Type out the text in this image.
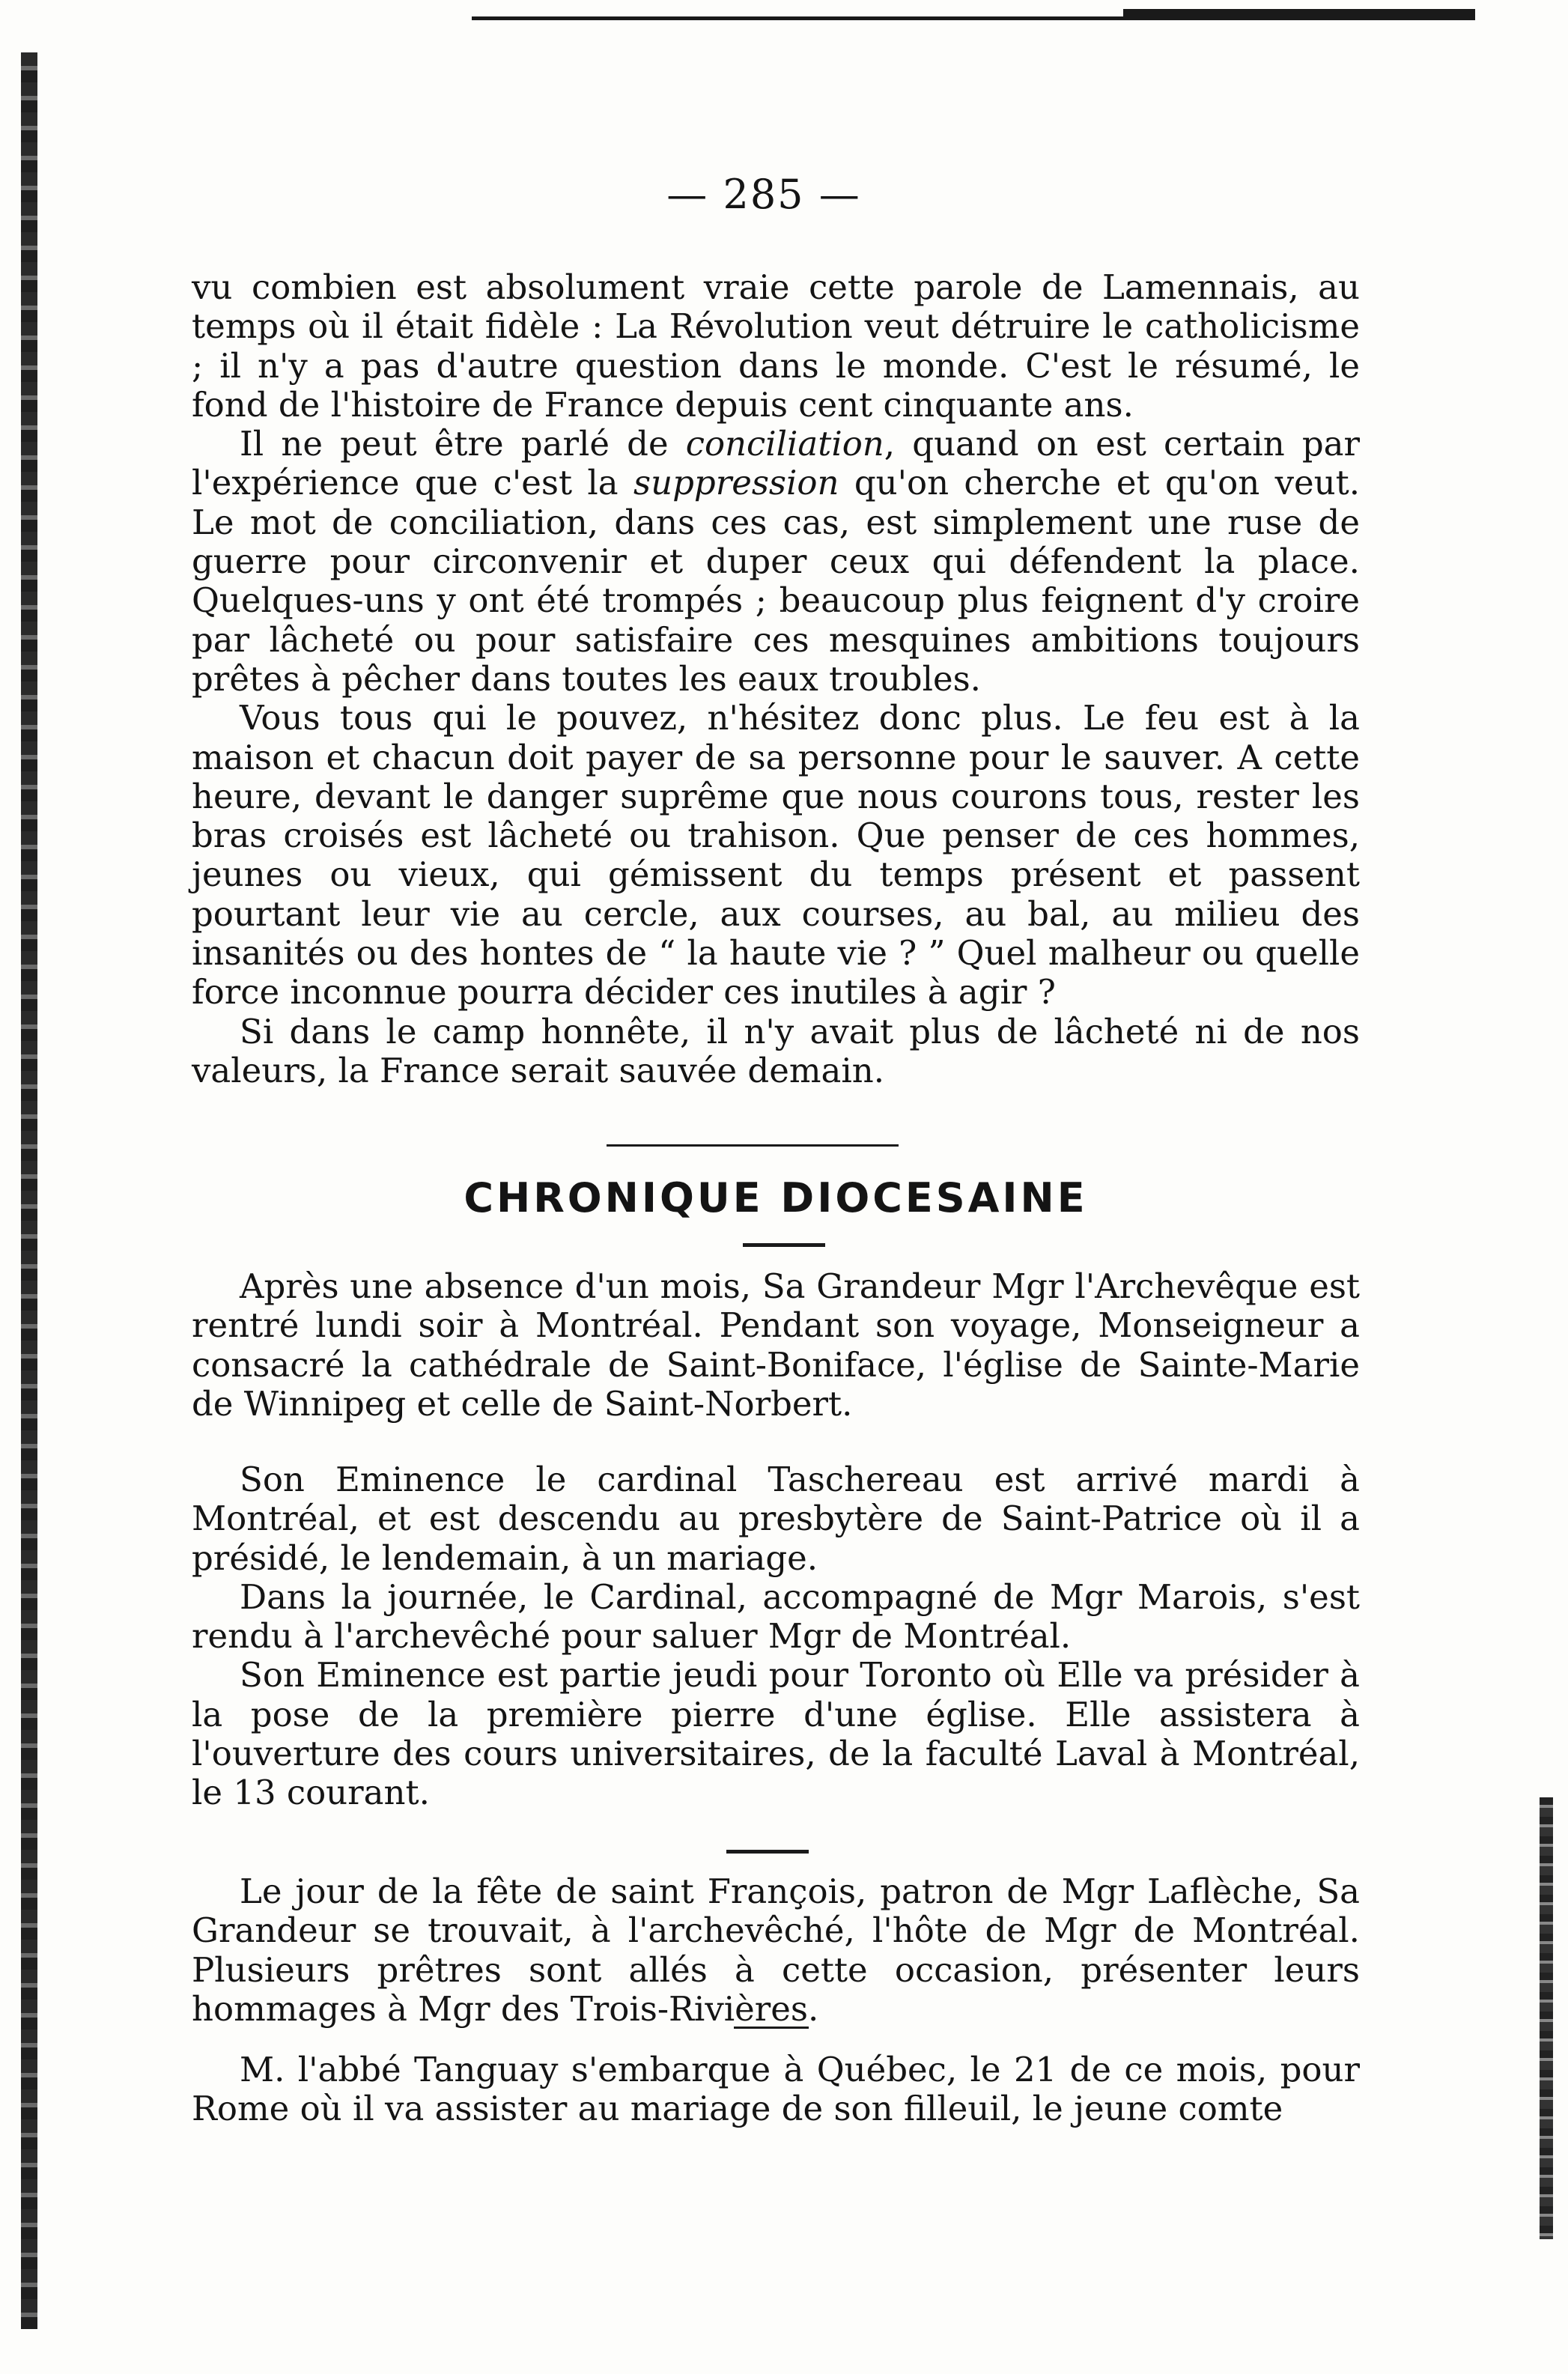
— 285 —

vu combien est absolument vraie cette parole de Lamennais, au temps où il était fidèle : La Révolution veut détruire le catholicisme ; il n'y a pas d'autre question dans le monde. C'est le résumé, le fond de l'histoire de France depuis cent cinquante ans.

Il ne peut être parlé de conciliation, quand on est certain par l'expérience que c'est la suppression qu'on cherche et qu'on veut. Le mot de conciliation, dans ces cas, est simplement une ruse de guerre pour circonvenir et duper ceux qui défendent la place. Quelques-uns y ont été trompés ; beaucoup plus feignent d'y croire par lâcheté ou pour satisfaire ces mesquines ambitions toujours prêtes à pêcher dans toutes les eaux troubles.

Vous tous qui le pouvez, n'hésitez donc plus. Le feu est à la maison et chacun doit payer de sa personne pour le sauver. A cette heure, devant le danger suprême que nous courons tous, rester les bras croisés est lâcheté ou trahison. Que penser de ces hommes, jeunes ou vieux, qui gémissent du temps présent et passent pourtant leur vie au cercle, aux courses, au bal, au milieu des insanités ou des hontes de “ la haute vie ? ” Quel malheur ou quelle force inconnue pourra décider ces inutiles à agir ?

Si dans le camp honnête, il n'y avait plus de lâcheté ni de nos valeurs, la France serait sauvée demain.

CHRONIQUE DIOCESAINE

Après une absence d'un mois, Sa Grandeur Mgr l'Archevêque est rentré lundi soir à Montréal. Pendant son voyage, Monseigneur a consacré la cathédrale de Saint-Boniface, l'église de Sainte-Marie de Winnipeg et celle de Saint-Norbert.

Son Eminence le cardinal Taschereau est arrivé mardi à Montréal, et est descendu au presbytère de Saint-Patrice où il a présidé, le lendemain, à un mariage.

Dans la journée, le Cardinal, accompagné de Mgr Marois, s'est rendu à l'archevêché pour saluer Mgr de Montréal.

Son Eminence est partie jeudi pour Toronto où Elle va présider à la pose de la première pierre d'une église. Elle assistera à l'ouverture des cours universitaires, de la faculté Laval à Montréal, le 13 courant.

Le jour de la fête de saint François, patron de Mgr Laflèche, Sa Grandeur se trouvait, à l'archevêché, l'hôte de Mgr de Montréal. Plusieurs prêtres sont allés à cette occasion, présenter leurs hommages à Mgr des Trois-Rivières.

M. l'abbé Tanguay s'embarque à Québec, le 21 de ce mois, pour Rome où il va assister au mariage de son filleuil, le jeune comte
